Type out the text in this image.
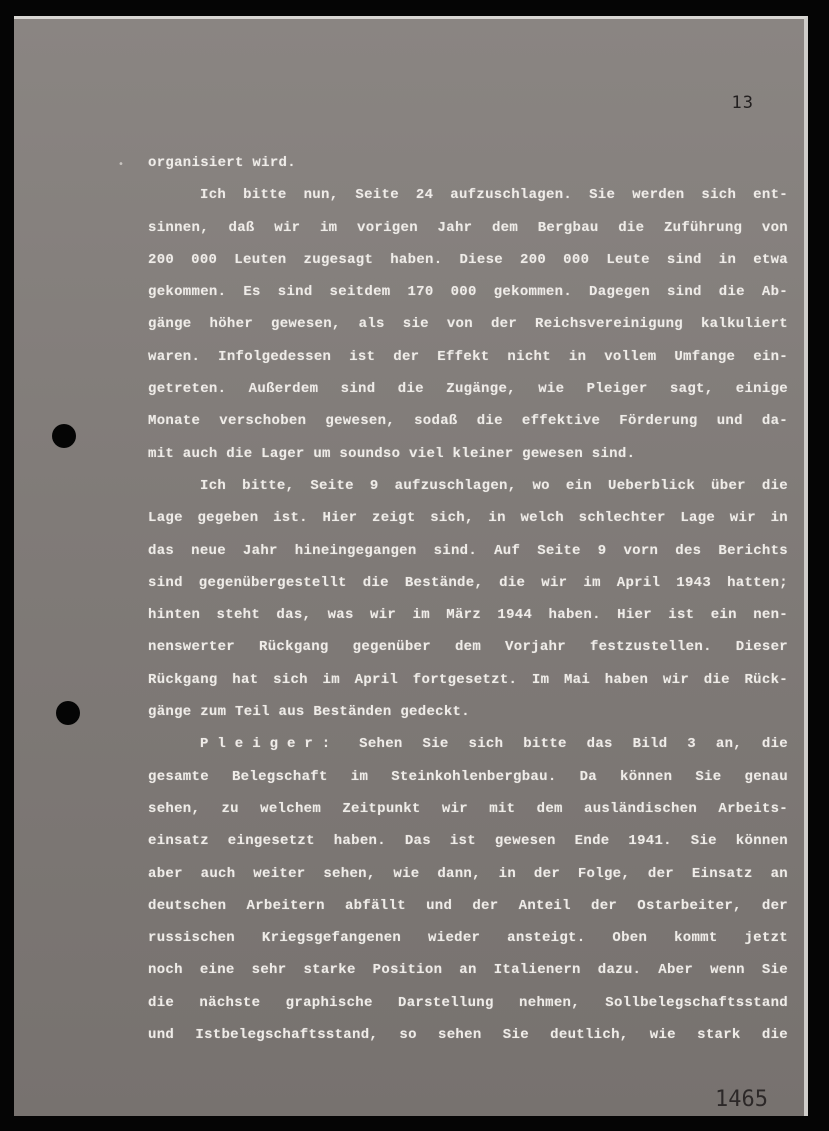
13
• organisiert wird.
Ich bitte nun, Seite 24 aufzuschlagen. Sie werden sich ent-
sinnen, daß wir im vorigen Jahr dem Bergbau die Zuführung von
200 000 Leuten zugesagt haben. Diese 200 000 Leute sind in etwa
gekommen. Es sind seitdem 170 000 gekommen. Dagegen sind die Ab-
gänge höher gewesen, als sie von der Reichsvereinigung kalkuliert
waren. Infolgedessen ist der Effekt nicht in vollem Umfange ein-
getreten. Außerdem sind die Zugänge, wie Pleiger sagt, einige
Monate verschoben gewesen, sodaß die effektive Förderung und da-
mit auch die Lager um soundso viel kleiner gewesen sind.
Ich bitte, Seite 9 aufzuschlagen, wo ein Ueberblick über die
Lage gegeben ist. Hier zeigt sich, in welch schlechter Lage wir in
das neue Jahr hineingegangen sind. Auf Seite 9 vorn des Berichts
sind gegenübergestellt die Bestände, die wir im April 1943 hatten;
hinten steht das, was wir im März 1944 haben. Hier ist ein nen-
nenswerter Rückgang gegenüber dem Vorjahr festzustellen. Dieser
Rückgang hat sich im April fortgesetzt. Im Mai haben wir die Rück-
gänge zum Teil aus Beständen gedeckt.
Pleiger: Sehen Sie sich bitte das Bild 3 an, die
gesamte Belegschaft im Steinkohlenbergbau. Da können Sie genau
sehen, zu welchem Zeitpunkt wir mit dem ausländischen Arbeits-
einsatz eingesetzt haben. Das ist gewesen Ende 1941. Sie können
aber auch weiter sehen, wie dann, in der Folge, der Einsatz an
deutschen Arbeitern abfällt und der Anteil der Ostarbeiter, der
russischen Kriegsgefangenen wieder ansteigt. Oben kommt jetzt
noch eine sehr starke Position an Italienern dazu. Aber wenn Sie
die nächste graphische Darstellung nehmen, Sollbelegschaftsstand
und Istbelegschaftsstand, so sehen Sie deutlich, wie stark die
1465
